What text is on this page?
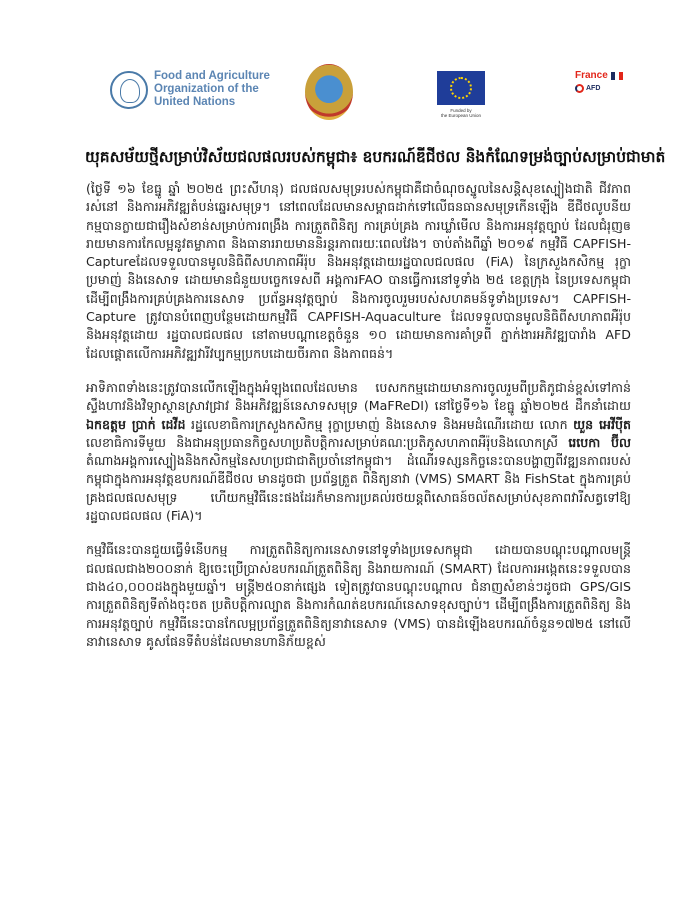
Food and Agriculture
Organization of the
United Nations
Funded by
the European Union
France
AFD
យុគសម័យថ្មីសម្រាប់វិស័យជលផលរបស់កម្ពុជា៖ ឧបករណ៍ឌីជីថល និងកំណែទម្រង់ច្បាប់សម្រាប់ជាមាត់

(ថ្ងៃទី ១៦ ខែធ្នូ ឆ្នាំ ២០២៥ ព្រះសីហនុ) ជលផលសមុទ្ររបស់កម្ពុជាគឺជាចំណុចស្នូលនៃសន្តិសុខស្បៀងជាតិ ជីវភាពរស់នៅ និងការអភិវឌ្ឍតំបន់ឆ្នេរសមុទ្រ។ នៅពេលដែលមានសម្ពាធដាក់ទៅលើធនធានសមុទ្រកើនឡើង ឌីជីថលូបនីយកម្មបានក្លាយជារឿងសំខាន់សម្រាប់ការពង្រឹង ការត្រួតពិនិត្យ ការគ្រប់គ្រង ការឃ្លាំមើល និងការអនុវត្តច្បាប់ ដែលជំរុញឲរាយមានការកែលម្អនូវតម្លាភាព និងធានាររាយមាននិរន្តរភាពរយៈពេលវែង។ ចាប់តាំងពីឆ្នាំ ២០១៩ កម្មវិធី CAPFISH-Captureដែលទទួលបានមូលនិធិពីសហភាពអឺរ៉ុប និងអនុវត្តដោយរដ្ឋបាលជលផល (FiA) នៃក្រសួងកសិកម្ម រុក្ខាប្រមាញ់ និងនេសាទ ដោយមានជំនួយបច្ចេកទេសពី អង្គការFAO បានធ្វើការនៅទូទាំង ២៥ ខេត្តក្រុង នៃប្រទេសកម្ពុជា ដើម្បីពង្រឹងការគ្រប់គ្រងការនេសាទ ប្រព័ន្ធអនុវត្តច្បាប់ និងការចូលរួមរបស់សហគមន៍ទូទាំងប្រទេស។ CAPFISH-Capture ត្រូវបានបំពេញបន្ថែមដោយកម្មវិធី CAPFISH-Aquaculture ដែលទទួលបានមូលនិធិពីសហភាពអឺរ៉ុប និងអនុវត្តដោយ រដ្ឋបាលជលផល នៅតាមបណ្ដាខេត្តចំនួន ១០ ដោយមានការគាំទ្រពី ភ្នាក់ងារអភិវឌ្ឍបារាំង AFD ដែលផ្តោតលើការអភិវឌ្ឍវារីវប្បកម្មប្រកបដោយចីរភាព និងភាពធន់។

អាទិភាពទាំងនេះត្រូវបានលើកឡើងក្នុងអំឡុងពេលដែលមាន បេសកកម្មដោយមានការចូលរួមពីប្រតិភូជាន់ខ្ពស់ទៅកាន់ស្ទឹងហាវនិងវិទ្យាស្ថានស្រាវជ្រាវ និងអភិវឌ្ឍន៍នេសាទសមុទ្រ (MaFReDI) នៅថ្ងៃទី១៦ ខែធ្នូ ឆ្នាំ២០២៥ ដឹកនាំដោយ ឯកឧត្តម ប្រាក់ ដេវីដ រដ្ឋលេខាធិការក្រសួងកសិកម្ម រុក្ខាប្រមាញ់ និងនេសាទ និងអមដំណើរដោយ លោក យួន អេវីប៉ីត លេខាធិការទីមួយ និងជាអនុប្រធានកិច្ចសហប្រតិបត្តិការសម្រាប់គណៈប្រតិភូសហភាពអឺរ៉ុបនិងលោកស្រី រេបេកា ប៊ីល តំណាងអង្គការស្បៀងនិងកសិកម្មនៃសហប្រជាជាតិប្រចាំនៅកម្ពុជា។ ដំណើរទស្សនកិច្ចនេះបានបង្ហាញពីវឌ្ឍនភាពរបស់កម្ពុជាក្នុងការអនុវត្តឧបករណ៍ឌីជីថល មានដូចជា ប្រព័ន្ធត្រួត ពិនិត្យនាវា (VMS) SMART និង FishStat ក្នុងការគ្រប់គ្រងជលផលសមុទ្រ ហើយកម្មវិធីនេះផងដែរក៏មានការប្រគល់រថយន្តពិសោធន៍ចល័តសម្រាប់សុខភាពវារីសត្វទៅឱ្យរដ្ឋបាលជលផល (FiA)។

កម្មវិធីនេះបានជួយធ្វើទំនើបកម្ម ការត្រួតពិនិត្យការនេសាទនៅទូទាំងប្រទេសកម្ពុជា ដោយបានបណ្តុះបណ្តាលមន្ត្រីជលផលជាង២០០នាក់ ឱ្យចេះប្រើប្រាស់ឧបករណ៍ត្រួតពិនិត្យ និងរាយការណ៍ (SMART) ដែលការអង្កេតនេះទទួលបានជាង៤០,០០០ដងក្នុងមួយឆ្នាំ។ មន្ត្រី២៥០នាក់ផ្សេង ទៀតត្រូវបានបណ្តុះបណ្តាល ជំនាញសំខាន់ៗដូចជា GPS/GIS ការត្រួតពិនិត្យទីតាំងចុះចត ប្រតិបត្តិការល្បាត និងការកំណត់ឧបករណ៍នេសាទខុសច្បាប់។ ដើម្បីពង្រឹងការត្រួតពិនិត្យ និងការអនុវត្តច្បាប់ កម្មវិធីនេះបានកែលម្អប្រព័ន្ធត្រួតពិនិត្យនាវានេសាទ (VMS) បានដំឡើងឧបករណ៍ចំនួន១៧២៥ នៅលើនាវានេសាទ គូសផែនទីតំបន់ដែលមានហានិភ័យខ្ពស់
